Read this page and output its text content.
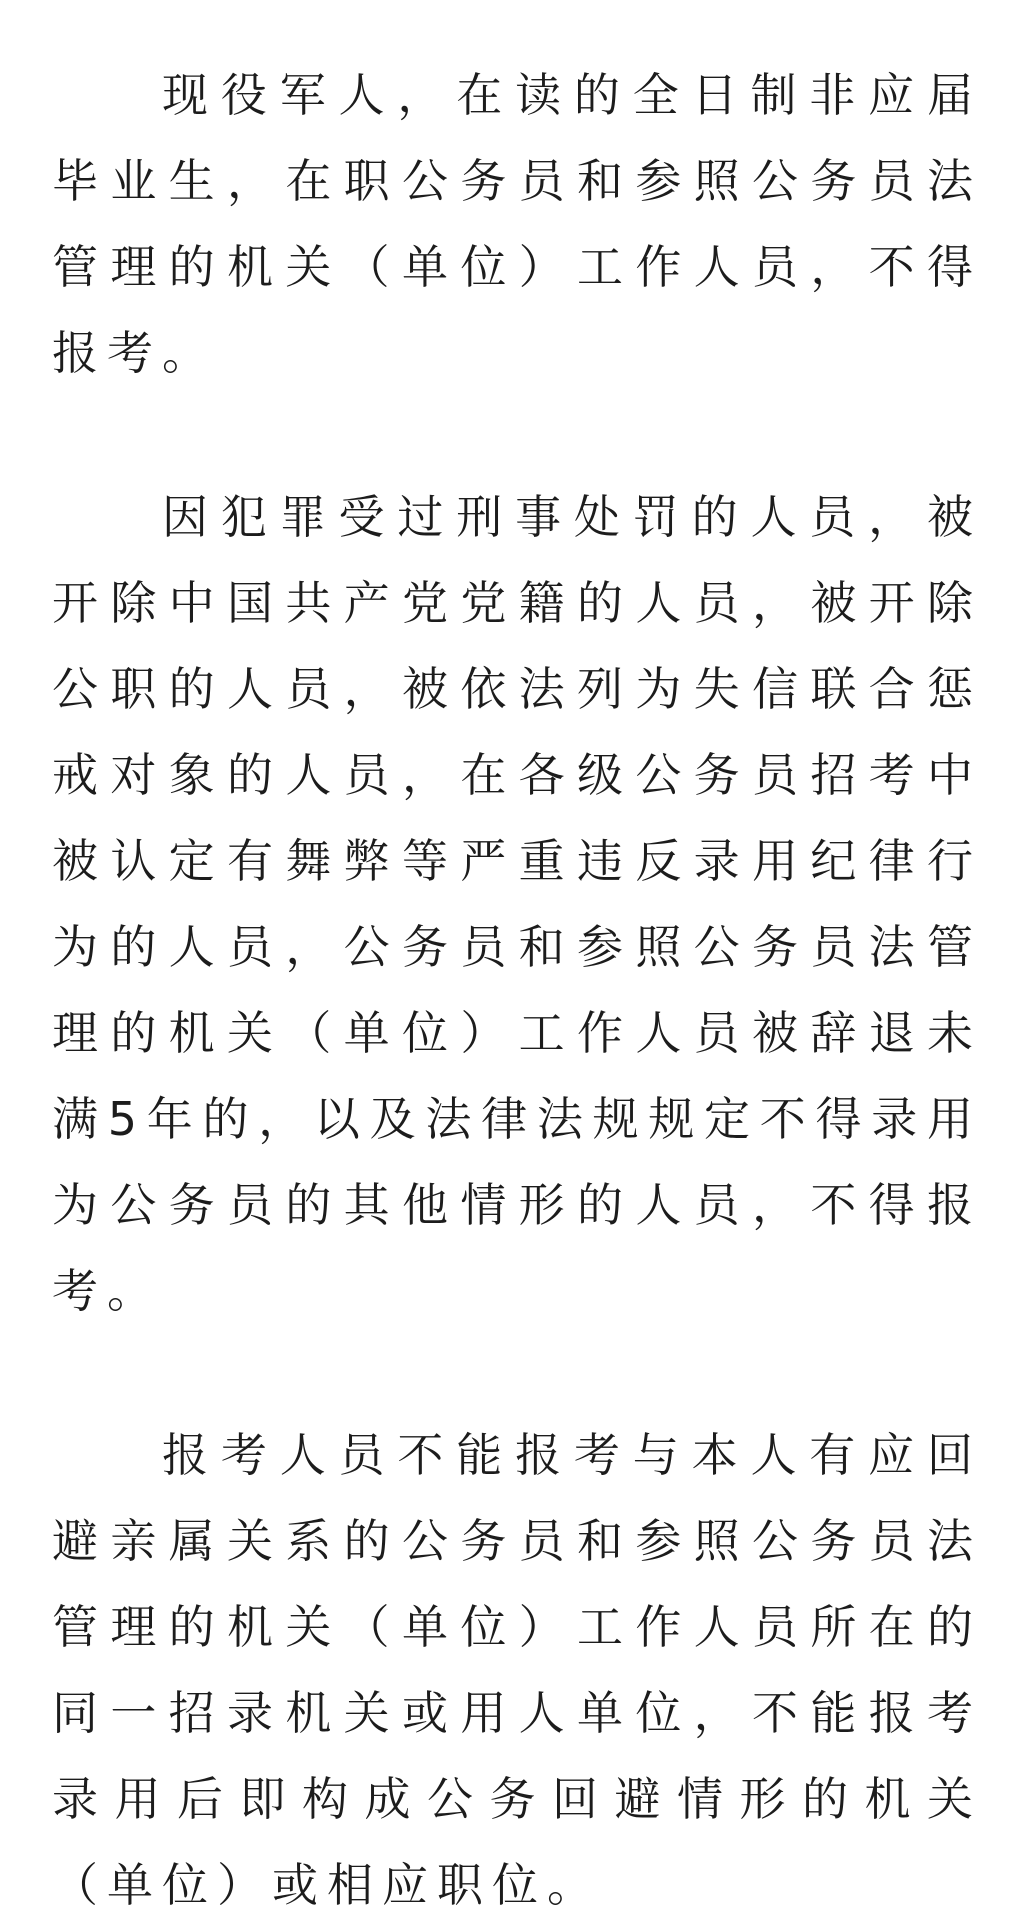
现役军人，在读的全日制非应届毕业生，在职公务员和参照公务员法管理的机关（单位）工作人员，不得报考。

因犯罪受过刑事处罚的人员，被开除中国共产党党籍的人员，被开除公职的人员，被依法列为失信联合惩戒对象的人员，在各级公务员招考中被认定有舞弊等严重违反录用纪律行为的人员，公务员和参照公务员法管理的机关（单位）工作人员被辞退未满5年的，以及法律法规规定不得录用为公务员的其他情形的人员，不得报考。

报考人员不能报考与本人有应回避亲属关系的公务员和参照公务员法管理的机关（单位）工作人员所在的同一招录机关或用人单位，不能报考录用后即构成公务回避情形的机关（单位）或相应职位。
